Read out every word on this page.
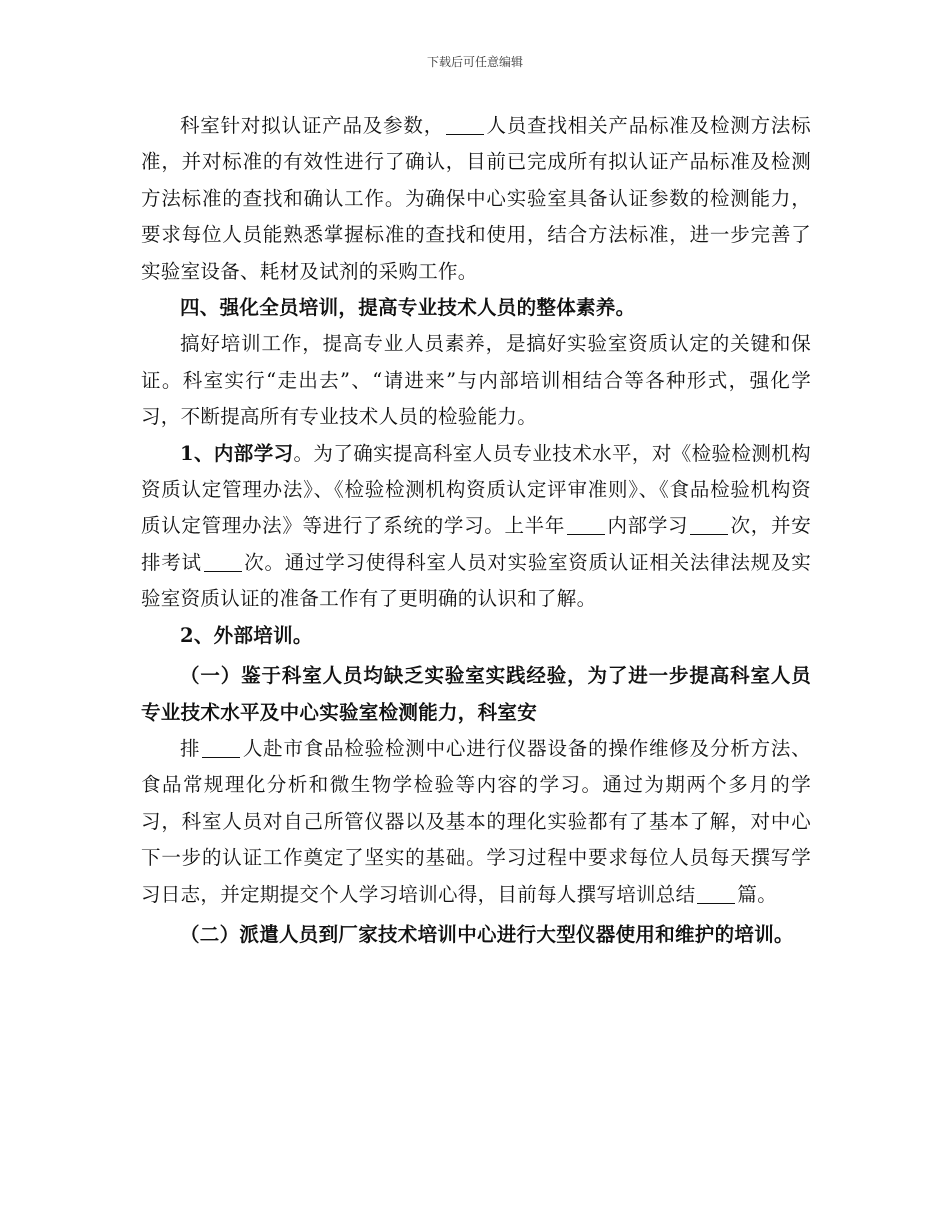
下载后可任意编辑

科室针对拟认证产品及参数， 人员查找相关产品标准及检测方法标准，并对标准的有效性进行了确认，目前已完成所有拟认证产品标准及检测方法标准的查找和确认工作。为确保中心实验室具备认证参数的检测能力，要求每位人员能熟悉掌握标准的查找和使用，结合方法标准，进一步完善了实验室设备、耗材及试剂的采购工作。

四、强化全员培训，提高专业技术人员的整体素养。

搞好培训工作，提高专业人员素养，是搞好实验室资质认定的关键和保证。科室实行“走出去”、“请进来”与内部培训相结合等各种形式，强化学习，不断提高所有专业技术人员的检验能力。

1、内部学习。为了确实提高科室人员专业技术水平，对《检验检测机构资质认定管理办法》、《检验检测机构资质认定评审准则》、《食品检验机构资质认定管理办法》等进行了系统的学习。上半年 内部学习 次，并安排考试 次。通过学习使得科室人员对实验室资质认证相关法律法规及实验室资质认证的准备工作有了更明确的认识和了解。

2、外部培训。

（一）鉴于科室人员均缺乏实验室实践经验，为了进一步提高科室人员专业技术水平及中心实验室检测能力，科室安

排 人赴市食品检验检测中心进行仪器设备的操作维修及分析方法、食品常规理化分析和微生物学检验等内容的学习。通过为期两个多月的学习，科室人员对自己所管仪器以及基本的理化实验都有了基本了解，对中心下一步的认证工作奠定了坚实的基础。学习过程中要求每位人员每天撰写学习日志，并定期提交个人学习培训心得，目前每人撰写培训总结 篇。

（二）派遣人员到厂家技术培训中心进行大型仪器使用和维护的培训。
